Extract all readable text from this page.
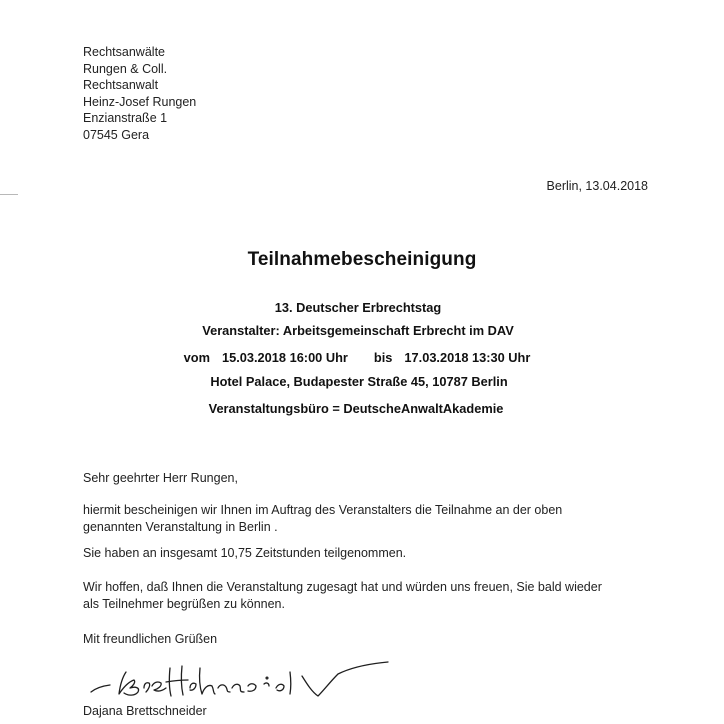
Rechtsanwälte
Rungen & Coll.
Rechtsanwalt
Heinz-Josef Rungen
Enzianstraße 1
07545 Gera
Berlin, 13.04.2018
Teilnahmebescheinigung
13. Deutscher Erbrechtstag
Veranstalter: Arbeitsgemeinschaft Erbrecht im DAV
vom 15.03.2018 16:00 Uhr bis 17.03.2018 13:30 Uhr
Hotel Palace, Budapester Straße 45, 10787 Berlin
Veranstaltungsbüro = DeutscheAnwaltAkademie
Sehr geehrter Herr Rungen,
hiermit bescheinigen wir Ihnen im Auftrag des Veranstalters die Teilnahme an der oben
genannten Veranstaltung in Berlin .
Sie haben an insgesamt 10,75 Zeitstunden teilgenommen.
Wir hoffen, daß Ihnen die Veranstaltung zugesagt hat und würden uns freuen, Sie bald wieder
als Teilnehmer begrüßen zu können.
Mit freundlichen Grüßen
Dajana Brettschneider
